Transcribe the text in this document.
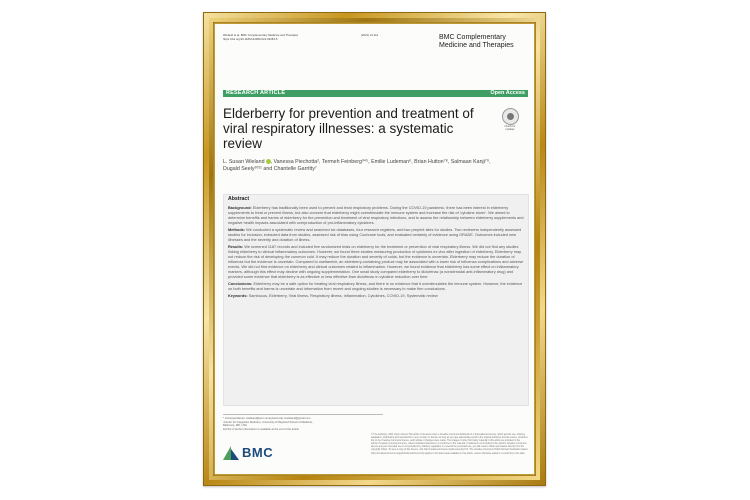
Wieland et al. BMC Complementary Medicine and Therapies
https://doi.org/10.1186/s12906-021-03283-5
(2021) 21:112	BMC Complementary
Medicine and Therapies
RESEARCH ARTICLE	Open Access
Elderberry for prevention and treatment of viral respiratory illnesses: a systematic review
Check for
updates
L. Susan Wieland , Vanessa Piechotta², Termeh Feinberg³⁴⁵, Emilie Ludeman⁶, Brian Hutton⁷⁸, Salmaan Kanji⁷⁹,
Dugald Seely¹⁰¹¹ and Chantelle Garritty⁷
Abstract

Background: Elderberry has traditionally been used to prevent and treat respiratory problems. During the COVID-19 pandemic, there has been interest in elderberry supplements to treat or prevent illness, but also concern that elderberry might overstimulate the immune system and increase the risk of 'cytokine storm'. We aimed to determine benefits and harms of elderberry for the prevention and treatment of viral respiratory infections, and to assess the relationship between elderberry supplements and negative health impacts associated with overproduction of pro-inflammatory cytokines.

Methods: We conducted a systematic review and searched six databases, four research registers, and two preprint sites for studies. Two reviewers independently assessed studies for inclusion, extracted data from studies, assessed risk of bias using Cochrane tools, and evaluated certainty of evidence using GRADE. Outcomes included new illnesses and the severity and duration of illness.

Results: We screened 1187 records and included five randomized trials on elderberry for the treatment or prevention of viral respiratory illness. We did not find any studies linking elderberry to clinical inflammatory outcomes. However, we found three studies measuring production of cytokines ex vivo after ingestion of elderberry. Elderberry may not reduce the risk of developing the common cold. It may reduce the duration and severity of colds, but the evidence is uncertain. Elderberry may reduce the duration of influenza but the evidence is uncertain. Compared to oseltamivir, an elderberry-containing product may be associated with a lower risk of influenza complications and adverse events. We did not find evidence on elderberry and clinical outcomes related to inflammation. However, we found evidence that elderberry has some effect on inflammatory markers, although this effect may decline with ongoing supplementation. One small study compared elderberry to diclofenac (a nonsteroidal anti-inflammatory drug) and provided some evidence that elderberry is as effective or less effective than diclofenac in cytokine reduction over time.

Conclusions: Elderberry may be a safe option for treating viral respiratory illness, and there is no evidence that it overstimulates the immune system. However, the evidence on both benefits and harms is uncertain and information from recent and ongoing studies is necessary to make firm conclusions.

Keywords: Sambucus, Elderberry, Viral illness, Respiratory illness, Inflammation, Cytokines, COVID-19, Systematic review

* Correspondence: swieland@som.umaryland.edu; lswieland@gmail.com

¹Center for Integrative Medicine, University of Maryland School of Medicine,

Baltimore, MD, USA

Full list of author information is available at the end of the article

BMC
© The Author(s). 2021 Open Access This article is licensed under a Creative Commons Attribution 4.0 International License, which permits use, sharing, adaptation, distribution and reproduction in any medium or format, as long as you give appropriate credit to the original author(s) and the source, provide a link to the Creative Commons licence, and indicate if changes were made. The images or other third party material in this article are included in the article's Creative Commons licence, unless indicated otherwise in a credit line to the material. If material is not included in the article's Creative Commons licence and your intended use is not permitted by statutory regulation or exceeds the permitted use, you will need to obtain permission directly from the copyright holder. To view a copy of this licence, visit http://creativecommons.org/licenses/by/4.0/. The Creative Commons Public Domain Dedication waiver (http://creativecommons.org/publicdomain/zero/1.0/) applies to the data made available in this article, unless otherwise stated in a credit line to the data.
